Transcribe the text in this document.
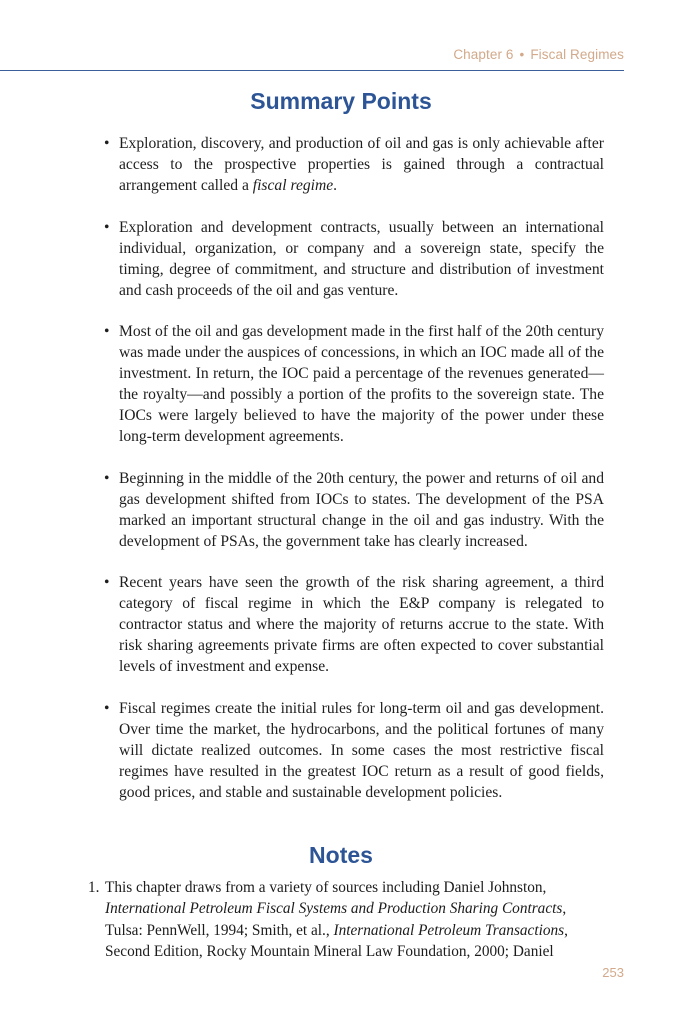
Chapter 6 • Fiscal Regimes
Summary Points
• Exploration, discovery, and production of oil and gas is only achievable after access to the prospective properties is gained through a contractual arrangement called a fiscal regime.
• Exploration and development contracts, usually between an international individual, organization, or company and a sovereign state, specify the timing, degree of commitment, and structure and distribution of investment and cash proceeds of the oil and gas venture.
• Most of the oil and gas development made in the first half of the 20th century was made under the auspices of concessions, in which an IOC made all of the investment. In return, the IOC paid a percentage of the revenues generated—the royalty—and possibly a portion of the profits to the sovereign state. The IOCs were largely believed to have the majority of the power under these long-term development agreements.
• Beginning in the middle of the 20th century, the power and returns of oil and gas development shifted from IOCs to states. The development of the PSA marked an important structural change in the oil and gas industry. With the development of PSAs, the government take has clearly increased.
• Recent years have seen the growth of the risk sharing agreement, a third category of fiscal regime in which the E&P company is relegated to contractor status and where the majority of returns accrue to the state. With risk sharing agreements private firms are often expected to cover substantial levels of investment and expense.
• Fiscal regimes create the initial rules for long-term oil and gas development. Over time the market, the hydrocarbons, and the political fortunes of many will dictate realized outcomes. In some cases the most restrictive fiscal regimes have resulted in the greatest IOC return as a result of good fields, good prices, and stable and sustainable development policies.
Notes
1. This chapter draws from a variety of sources including Daniel Johnston, International Petroleum Fiscal Systems and Production Sharing Contracts, Tulsa: PennWell, 1994; Smith, et al., International Petroleum Transactions, Second Edition, Rocky Mountain Mineral Law Foundation, 2000; Daniel
253
